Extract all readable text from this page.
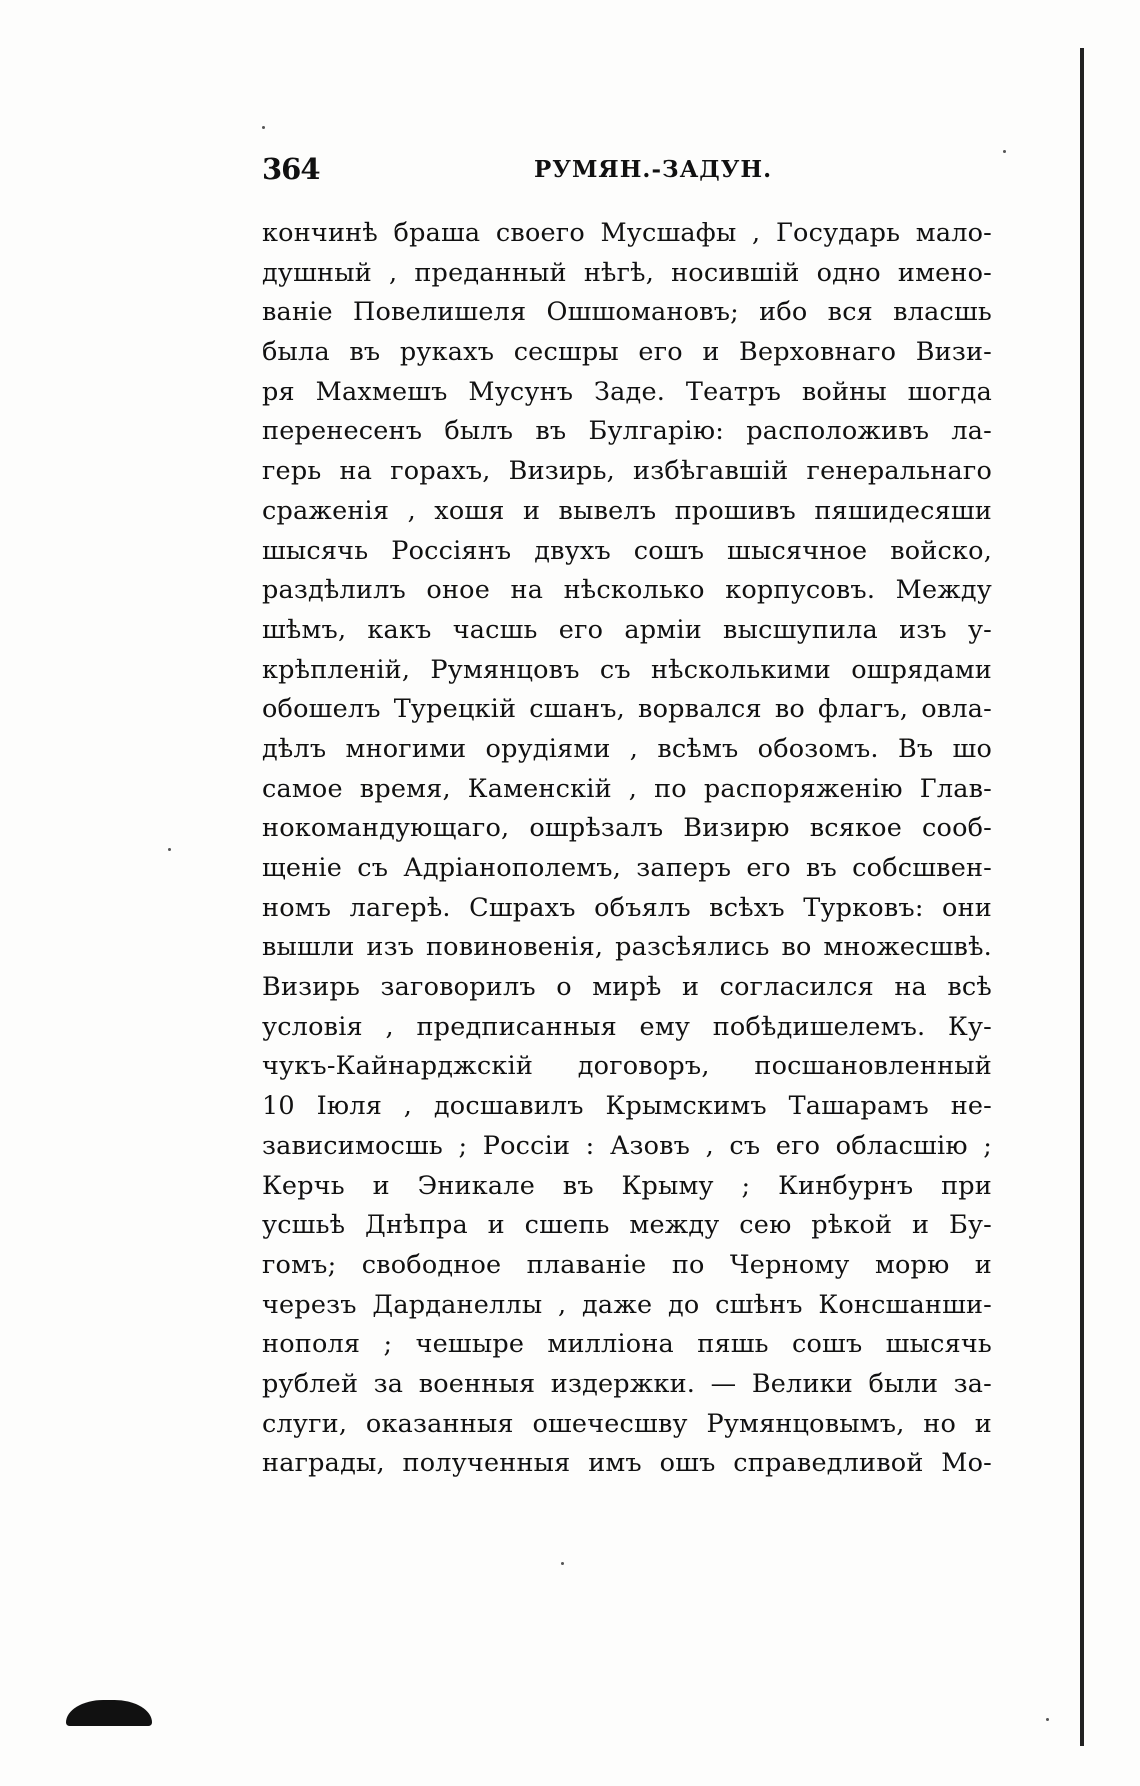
364	РУМЯН.-ЗАДУН.
кончинѣ браша своего Мусшафы , Государь мало-
душный , преданный нѣгѣ, носившій одно имено-
ваніе Повелишеля Ошшомановъ; ибо вся власшь
была въ рукахъ сесшры его и Верховнаго Визи-
ря Махмешъ Мусунъ Заде. Театръ войны шогда
перенесенъ былъ въ Булгарію: расположивъ ла-
герь на горахъ, Визирь, избѣгавшій генеральнаго
сраженія , хошя и вывелъ прошивъ пяшидесяши
шысячь Россіянъ двухъ сошъ шысячное войско,
раздѣлилъ оное на нѣсколько корпусовъ. Между
шѣмъ, какъ часшь его арміи высшупила изъ у-
крѣпленій, Румянцовъ съ нѣсколькими ошрядами
обошелъ Турецкій сшанъ, ворвался во флагъ, овла-
дѣлъ многими орудіями , всѣмъ обозомъ. Въ шо
самое время, Каменскій , по распоряженію Глав-
нокомандующаго, ошрѣзалъ Визирю всякое сооб-
щеніе съ Адріанополемъ, заперъ его въ собсшвен-
номъ лагерѣ. Сшрахъ объялъ всѣхъ Турковъ: они
вышли изъ повиновенія, разсѣялись во множесшвѣ.
Визирь заговорилъ о мирѣ и согласился на всѣ
условія , предписанныя ему побѣдишелемъ. Ку-
чукъ-Кайнарджскій договоръ, посшановленный
10 Іюля , досшавилъ Крымскимъ Ташарамъ не-
зависимосшь ; Россіи : Азовъ , съ его обласшію ;
Керчь и Эникале въ Крыму ; Кинбурнъ при
усшьѣ Днѣпра и сшепь между сею рѣкой и Бу-
гомъ; свободное плаваніе по Черному морю и
черезъ Дарданеллы , даже до сшѣнъ Консшанши-
нополя ; чешыре милліона пяшь сошъ шысячь
рублей за военныя издержки. — Велики были за-
слуги, оказанныя ошечесшву Румянцовымъ, но и
награды, полученныя имъ ошъ справедливой Мо-
